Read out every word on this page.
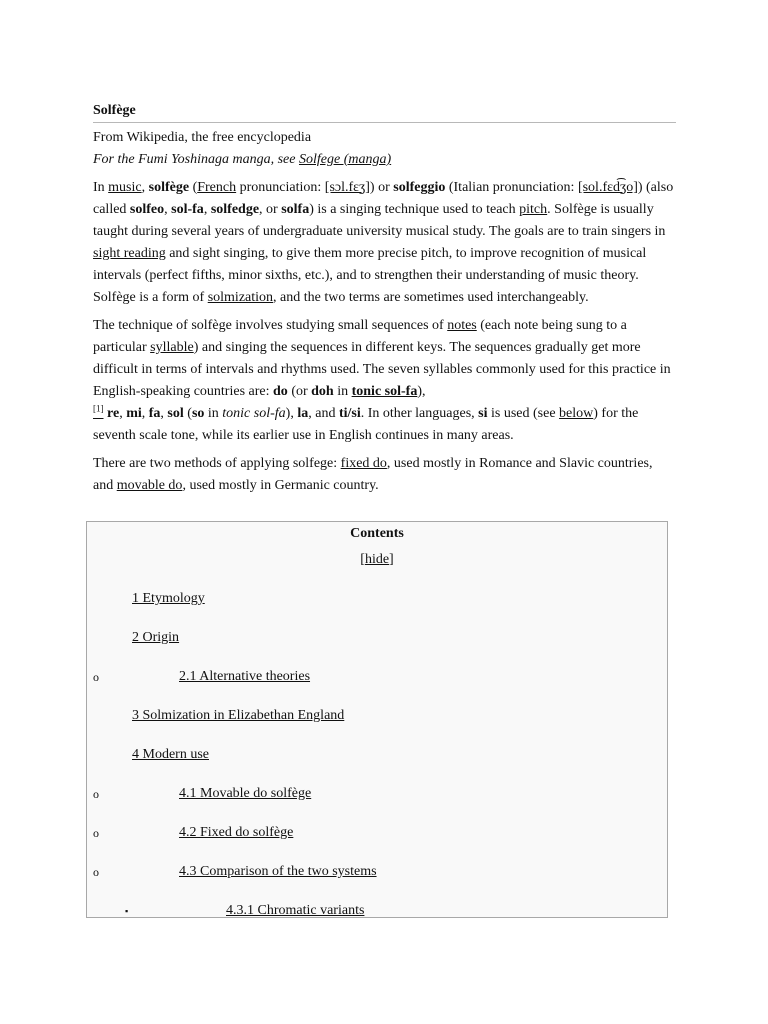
Solfège
From Wikipedia, the free encyclopedia
For the Fumi Yoshinaga manga, see Solfege (manga)

In music, solfège (French pronunciation: [sɔl.fɛʒ]) or solfeggio (Italian pronunciation: [sol.fɛd͡ʒo]) (also called solfeo, sol-fa, solfedge, or solfa) is a singing technique used to teach pitch. Solfège is usually taught during several years of undergraduate university musical study. The goals are to train singers in sight reading and sight singing, to give them more precise pitch, to improve recognition of musical intervals (perfect fifths, minor sixths, etc.), and to strengthen their understanding of music theory. Solfège is a form of solmization, and the two terms are sometimes used interchangeably.

The technique of solfège involves studying small sequences of notes (each note being sung to a particular syllable) and singing the sequences in different keys. The sequences gradually get more difficult in terms of intervals and rhythms used. The seven syllables commonly used for this practice in English-speaking countries are: do (or doh in tonic sol-fa),
[1] re, mi, fa, sol (so in tonic sol-fa), la, and ti/si. In other languages, si is used (see below) for the seventh scale tone, while its earlier use in English continues in many areas.

There are two methods of applying solfege: fixed do, used mostly in Romance and Slavic countries, and movable do, used mostly in Germanic country.

Contents
[hide]
1 Etymology
2 Origin
o	2.1 Alternative theories
3 Solmization in Elizabethan England
4 Modern use
o	4.1 Movable do solfège
o	4.2 Fixed do solfège
o	4.3 Comparison of the two systems
▪	4.3.1 Chromatic variants
